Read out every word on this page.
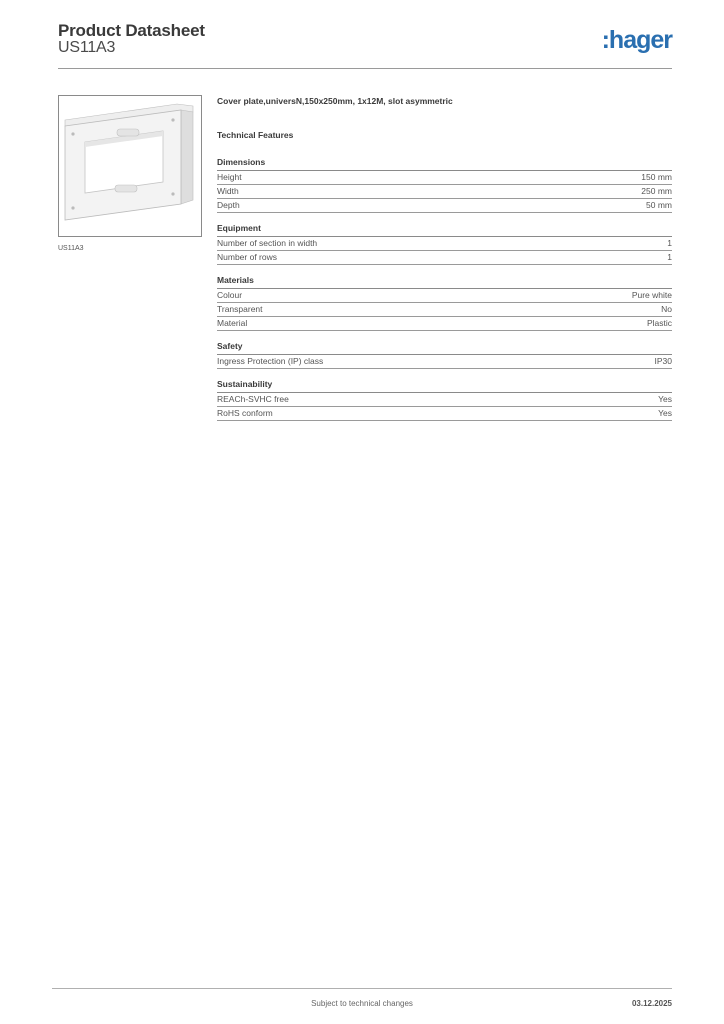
Product Datasheet
US11A3	:hager
US11A3
Cover plate,universN,150x250mm, 1x12M, slot asymmetric
Technical Features
Dimensions
Height	150 mm
Width	250 mm
Depth	50 mm
Equipment
Number of section in width	1
Number of rows	1
Materials
Colour	Pure white
Transparent	No
Material	Plastic
Safety
Ingress Protection (IP) class	IP30
Sustainability
REACh-SVHC free	Yes
RoHS conform	Yes
Subject to technical changes	03.12.2025
